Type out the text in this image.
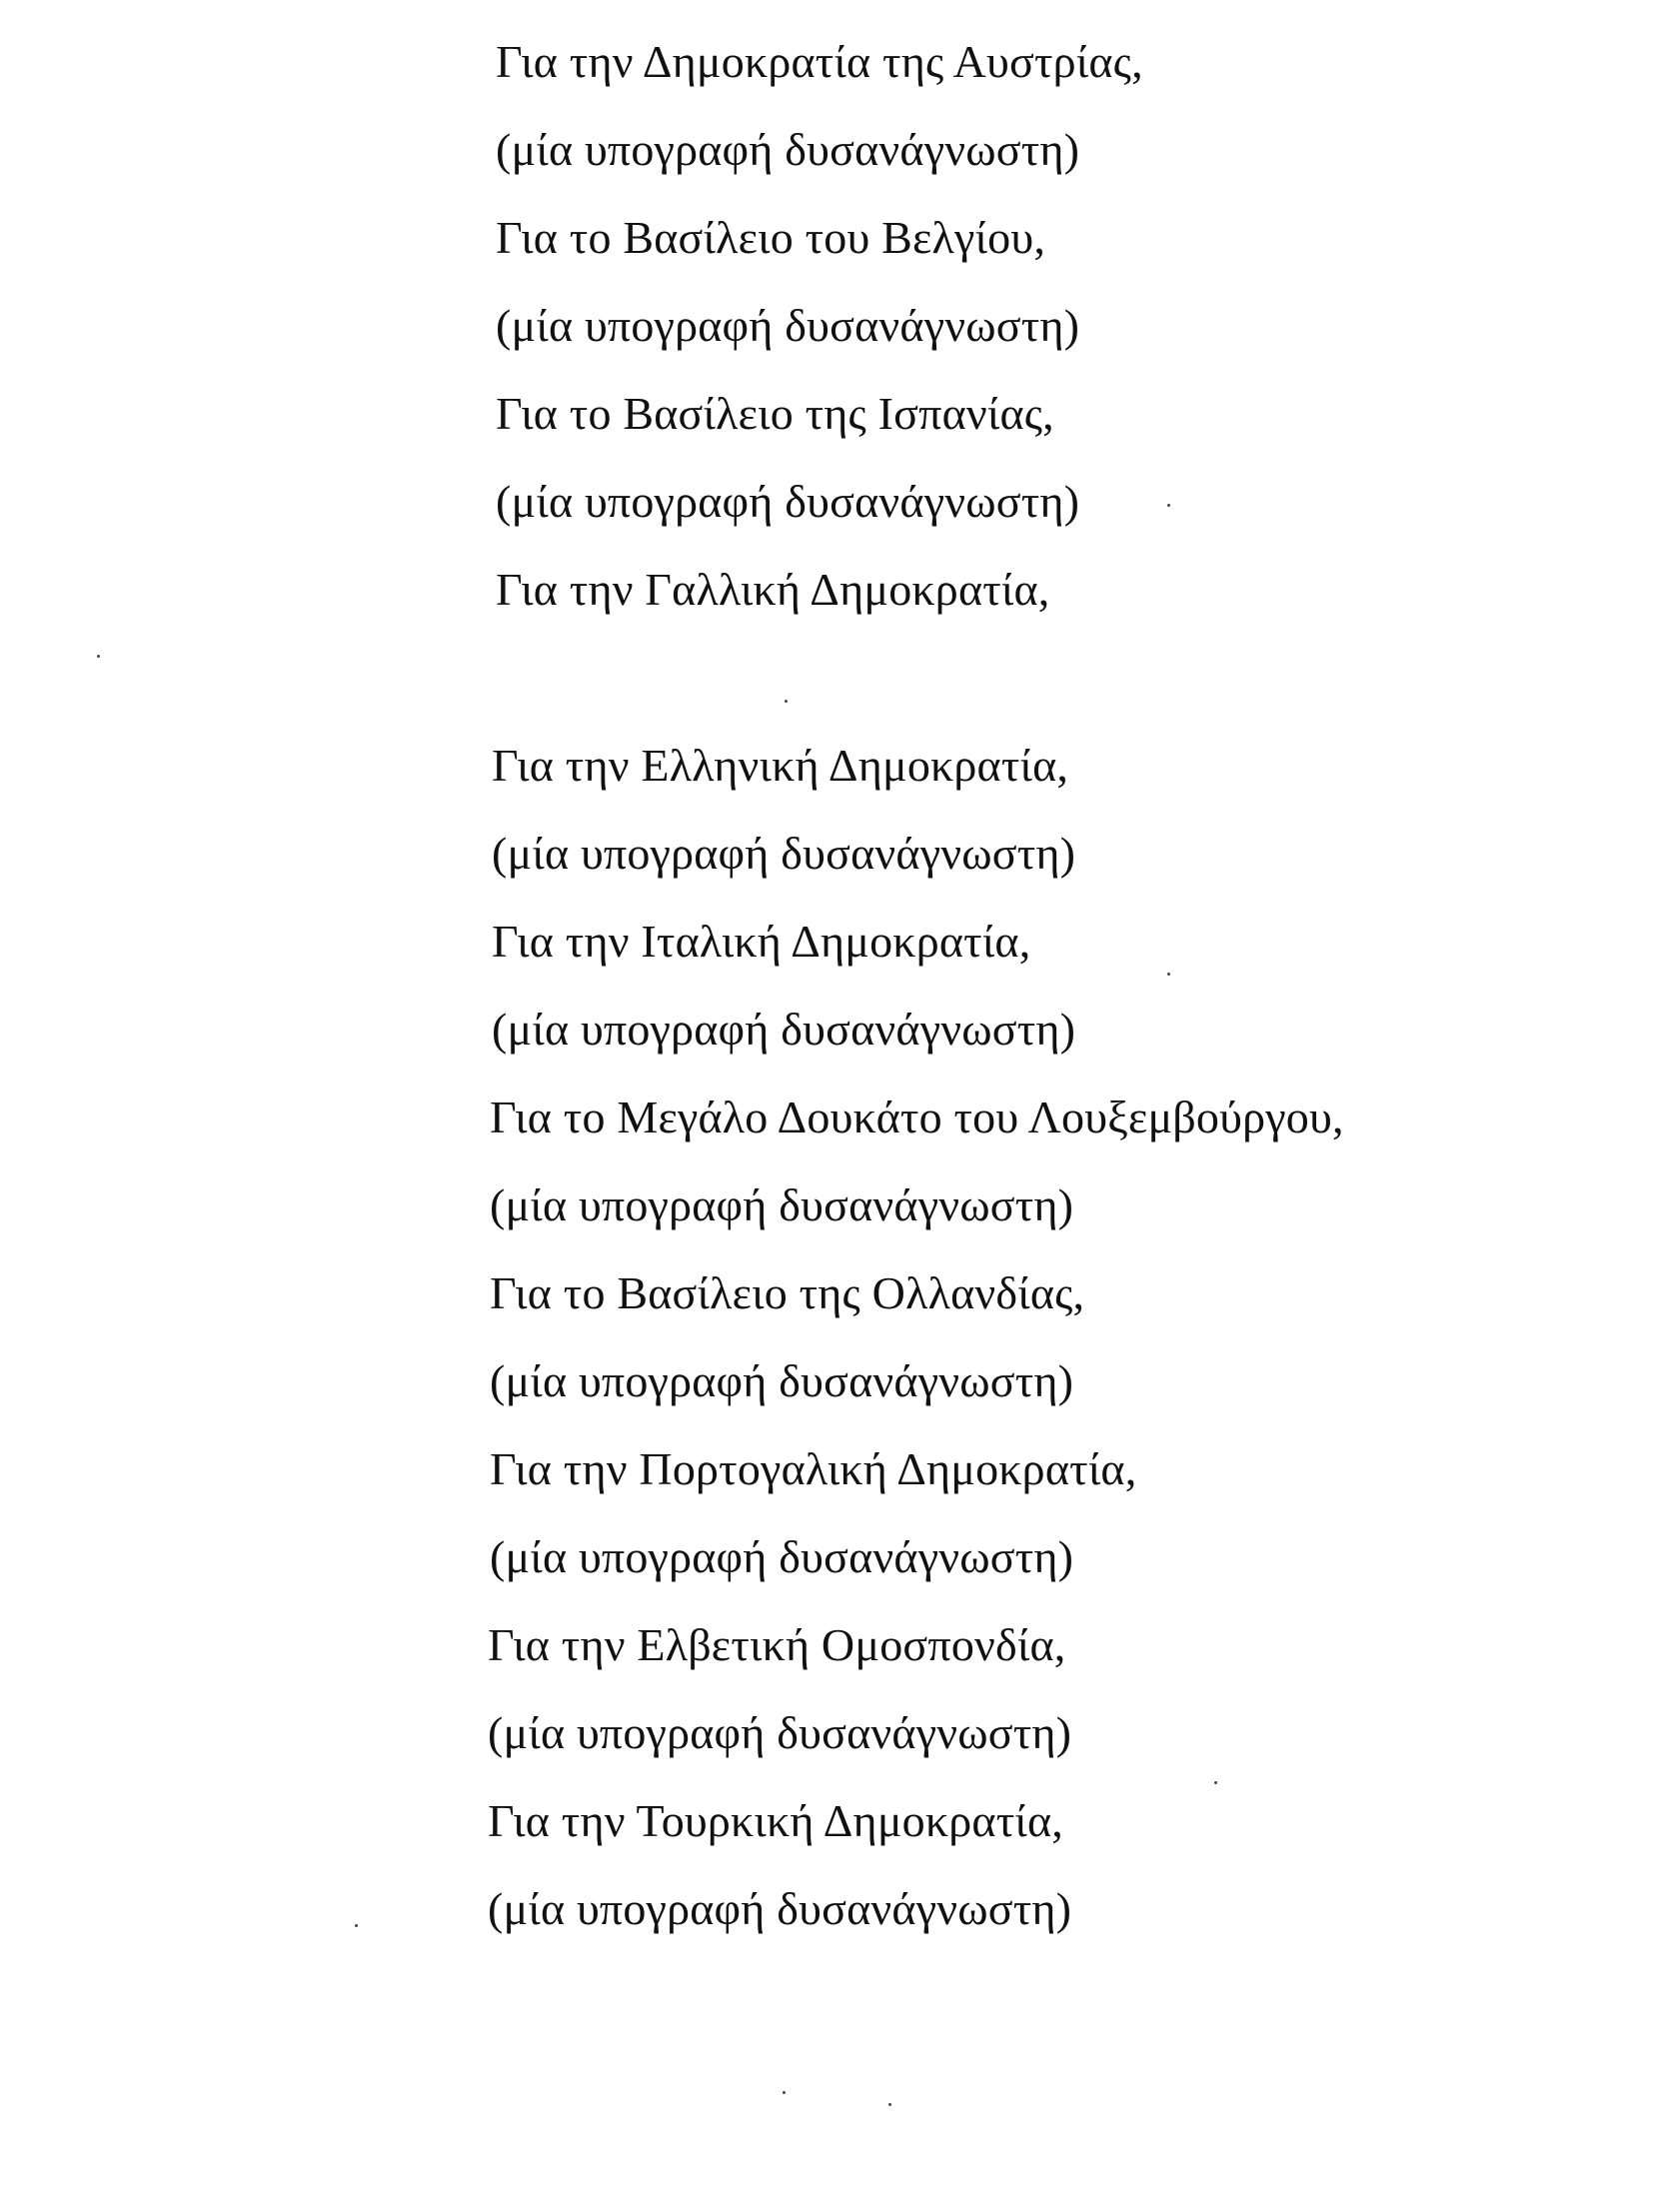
Για την Δημοκρατία της Αυστρίας,
(μία υπογραφή δυσανάγνωστη)
Για το Βασίλειο του Βελγίου,
(μία υπογραφή δυσανάγνωστη)
Για το Βασίλειο της Ισπανίας,
(μία υπογραφή δυσανάγνωστη)
Για την Γαλλική Δημοκρατία,
Για την Ελληνική Δημοκρατία,
(μία υπογραφή δυσανάγνωστη)
Για την Ιταλική Δημοκρατία,
(μία υπογραφή δυσανάγνωστη)
Για το Μεγάλο Δουκάτο του Λουξεμβούργου,
(μία υπογραφή δυσανάγνωστη)
Για το Βασίλειο της Ολλανδίας,
(μία υπογραφή δυσανάγνωστη)
Για την Πορτογαλική Δημοκρατία,
(μία υπογραφή δυσανάγνωστη)
Για την Ελβετική Ομοσπονδία,
(μία υπογραφή δυσανάγνωστη)
Για την Τουρκική Δημοκρατία,
(μία υπογραφή δυσανάγνωστη)
